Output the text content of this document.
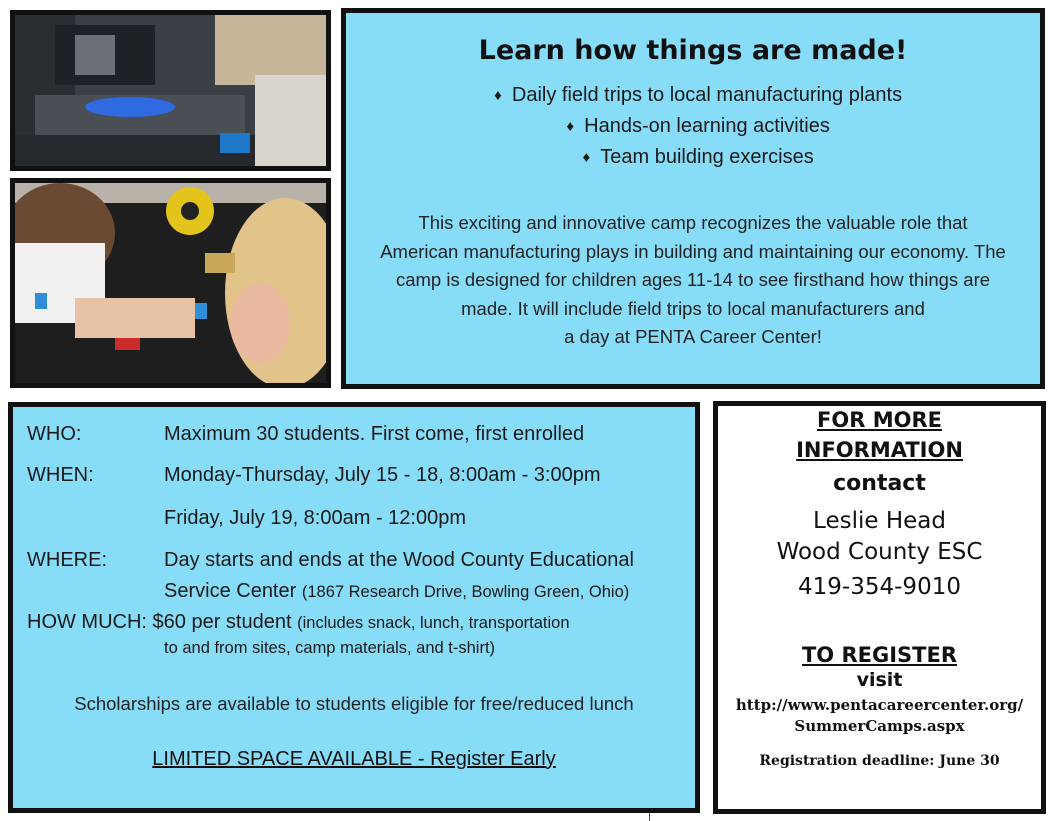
Learn how things are made!
♦ Daily field trips to local manufacturing plants
♦ Hands-on learning activities
♦ Team building exercises
This exciting and innovative camp recognizes the valuable role that
American manufacturing plays in building and maintaining our economy. The
camp is designed for children ages 11-14 to see firsthand how things are
made. It will include field trips to local manufacturers and
a day at PENTA Career Center!
WHO:	Maximum 30 students. First come, first enrolled
WHEN:	Monday-Thursday, July 15 - 18, 8:00am - 3:00pm
Friday, July 19, 8:00am - 12:00pm
WHERE:	Day starts and ends at the Wood County Educational
Service Center (1867 Research Drive, Bowling Green, Ohio)
HOW MUCH: $60 per student (includes snack, lunch, transportation
to and from sites, camp materials, and t-shirt)
Scholarships are available to students eligible for free/reduced lunch
LIMITED SPACE AVAILABLE - Register Early
FOR MORE
INFORMATION
contact
Leslie Head
Wood County ESC
419-354-9010
TO REGISTER
visit
http://www.pentacareercenter.org/
SummerCamps.aspx
Registration deadline: June 30
